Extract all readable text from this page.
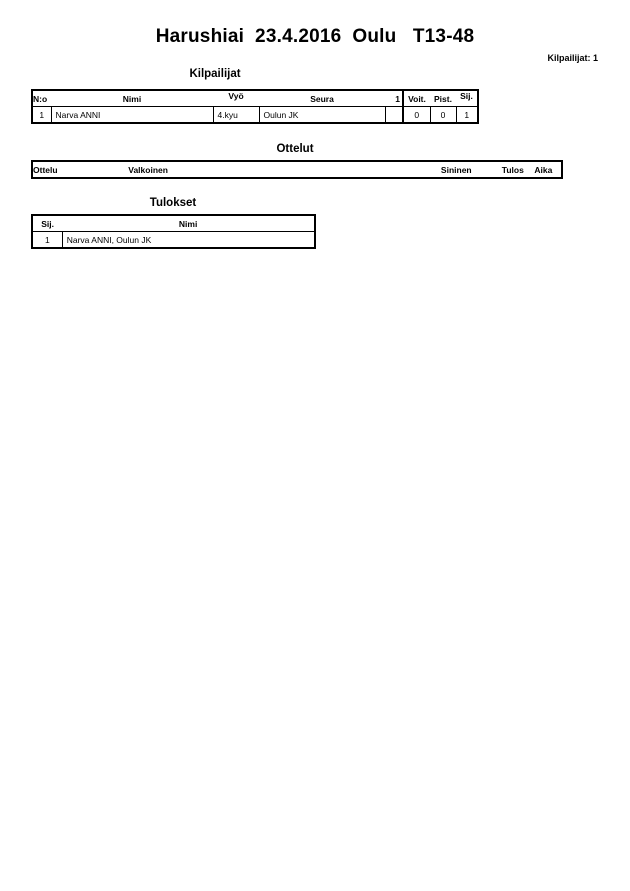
Harushiai  23.4.2016  Oulu   T13-48
Kilpailijat: 1
Kilpailijat
N:o	Nimi	Vyö	Seura	1	Voit.	Pist.	Sij.
1	Narva ANNI	4.kyu	Oulun JK		0	0	1
Ottelut
Ottelu	Valkoinen	Sininen	Tulos	Aika
Tulokset
Sij.	Nimi
1	Narva ANNI, Oulun JK
